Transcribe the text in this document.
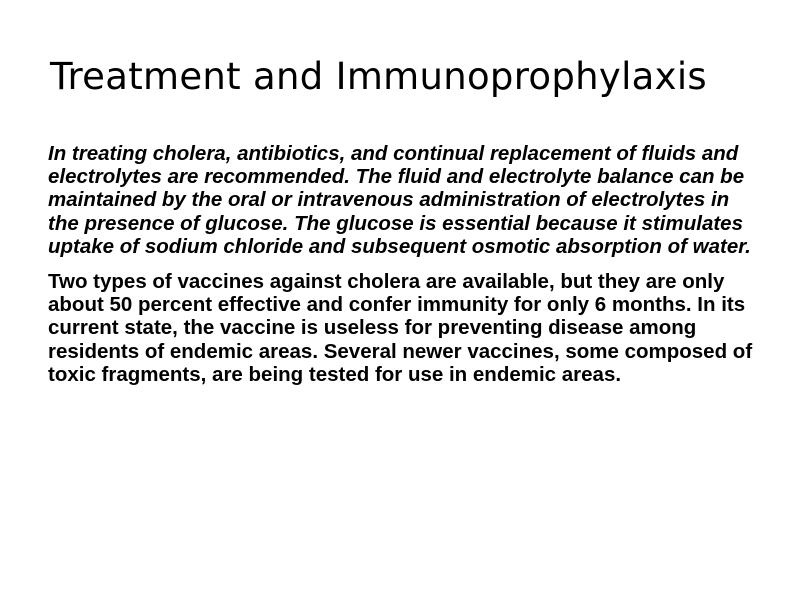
Treatment and Immunoprophylaxis

In treating cholera, antibiotics, and continual replacement of fluids and electrolytes are recommended. The fluid and electrolyte balance can be maintained by the oral or intravenous administration of electrolytes in the presence of glucose. The glucose is essential because it stimulates uptake of sodium chloride and subsequent osmotic absorption of water.

Two types of vaccines against cholera are available, but they are only about 50 percent effective and confer immunity for only 6 months. In its current state, the vaccine is useless for preventing disease among residents of endemic areas. Several newer vaccines, some composed of toxic fragments, are being tested for use in endemic areas.
